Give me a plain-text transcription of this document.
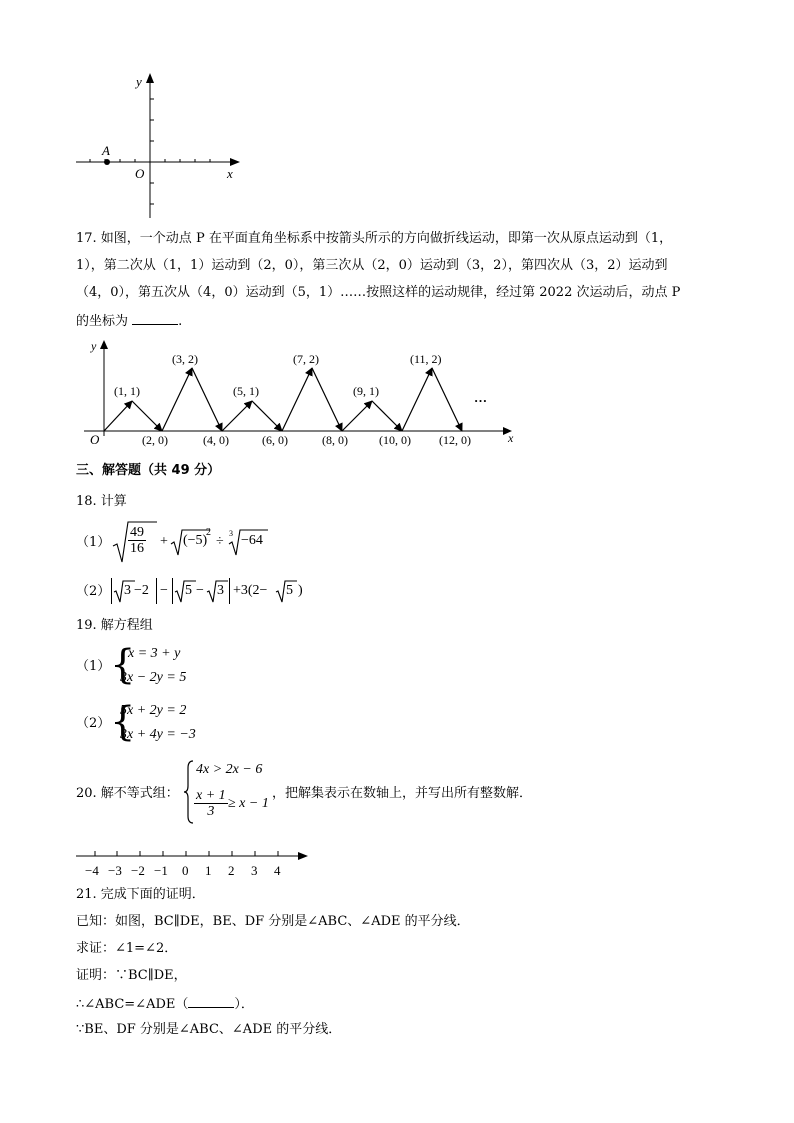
A
y
x
O
17. 如图，一个动点 P 在平面直角坐标系中按箭头所示的方向做折线运动，即第一次从原点运动到（1，
1），第二次从（1，1）运动到（2，0），第三次从（2，0）运动到（3，2），第四次从（3，2）运动到
（4，0），第五次从（4，0）运动到（5，1）……按照这样的运动规律，经过第 2022 次运动后，动点 P
的坐标为	.
y
x
O
(1, 1)
(3, 2)
(5, 1)
(7, 2)
(9, 1)
(11, 2)
…
(2, 0)	(4, 0)	(6, 0)	(8, 0)	(10, 0) (12, 0)
三、解答题（共 49 分）
18. 计算
$(1) \frac{49}{16} + (-5)$
2
÷
3 −64
（2） 3 −2 − 5 − 3 +3(2− 5 )
19. 解方程组
（1） {
x = 3 + y
3x − 2y = 5
（2） {
5x + 2y = 2
3x + 4y = −3
20. 解不等式组：
4x > 2x − 6
$\frac{x + 1}{3} \ge x - 1$
，把解集表示在数轴上，并写出所有整数解．
−4 −3 −2 −1 0 1 2 3 4
21. 完成下面的证明．
已知：如图，BC∥DE，BE、DF 分别是∠ABC、∠ADE 的平分线．
求证：∠1=∠2．
证明：∵BC∥DE，
∴∠ABC=∠ADE（	）．
∵BE、DF 分别是∠ABC、∠ADE 的平分线．
